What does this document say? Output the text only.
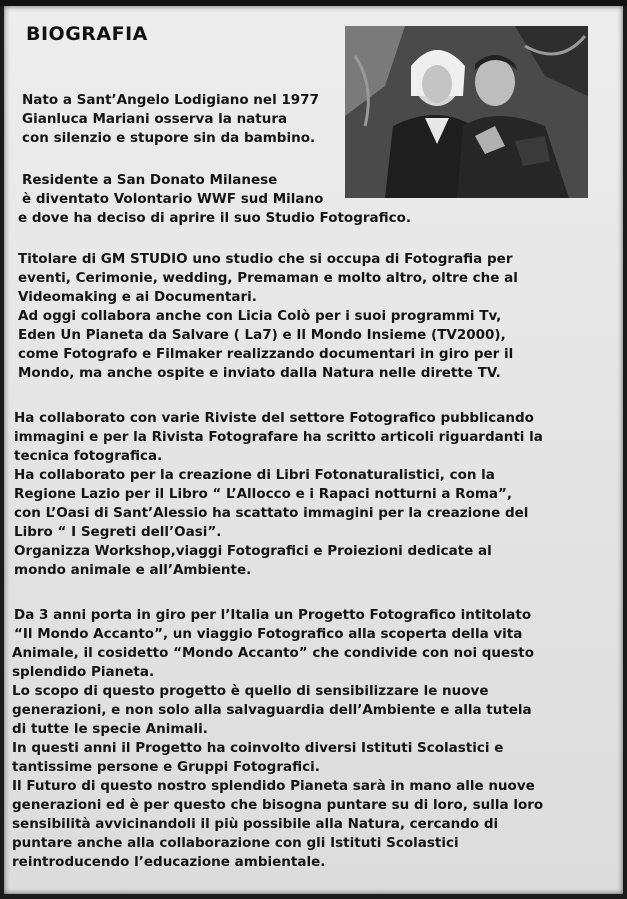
BIOGRAFIA
Nato a Sant’Angelo Lodigiano nel 1977
Gianluca Mariani osserva la natura
con silenzio e stupore sin da bambino.
Residente a San Donato Milanese
è diventato Volontario WWF sud Milano
e dove ha deciso di aprire il suo Studio Fotografico.
Titolare di GM STUDIO uno studio che si occupa di Fotografia per
eventi, Cerimonie, wedding, Premaman e molto altro, oltre che al
Videomaking e ai Documentari.
Ad oggi collabora anche con Licia Colò per i suoi programmi Tv,
Eden Un Pianeta da Salvare ( La7) e Il Mondo Insieme (TV2000),
come Fotografo e Filmaker realizzando documentari in giro per il
Mondo, ma anche ospite e inviato dalla Natura nelle dirette TV.
Ha collaborato con varie Riviste del settore Fotografico pubblicando
immagini e per la Rivista Fotografare ha scritto articoli riguardanti la
tecnica fotografica.
Ha collaborato per la creazione di Libri Fotonaturalistici, con la
Regione Lazio per il Libro “ L’Allocco e i Rapaci notturni a Roma”,
con L’Oasi di Sant’Alessio ha scattato immagini per la creazione del
Libro “ I Segreti dell’Oasi”.
Organizza Workshop,viaggi Fotografici e Proiezioni dedicate al
mondo animale e all’Ambiente.
Da 3 anni porta in giro per l’Italia un Progetto Fotografico intitolato
“Il Mondo Accanto”, un viaggio Fotografico alla scoperta della vita
Animale, il cosidetto “Mondo Accanto” che condivide con noi questo
splendido Pianeta.
Lo scopo di questo progetto è quello di sensibilizzare le nuove
generazioni, e non solo alla salvaguardia dell’Ambiente e alla tutela
di tutte le specie Animali.
In questi anni il Progetto ha coinvolto diversi Istituti Scolastici e
tantissime persone e Gruppi Fotografici.
Il Futuro di questo nostro splendido Pianeta sarà in mano alle nuove
generazioni ed è per questo che bisogna puntare su di loro, sulla loro
sensibilità avvicinandoli il più possibile alla Natura, cercando di
puntare anche alla collaborazione con gli Istituti Scolastici
reintroducendo l’educazione ambientale.
